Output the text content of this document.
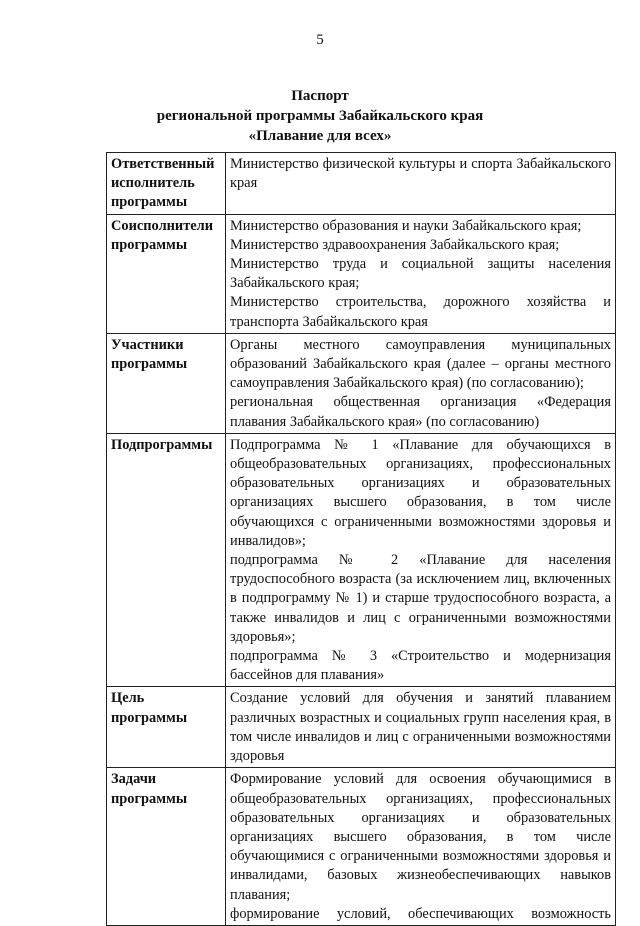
5
Паспорт
региональной программы Забайкальского края
«Плавание для всех»
Ответственный исполнитель программы	Министерство физической культуры и спорта Забайкальского края

Соисполнители программы	Министерство образования и науки Забайкальского края;
Министерство здравоохранения Забайкальского края;
Министерство труда и социальной защиты населения Забайкальского края;
Министерство строительства, дорожного хозяйства и транспорта Забайкальского края

Участники программы	Органы местного самоуправления муниципальных образований Забайкальского края (далее – органы местного самоуправления Забайкальского края) (по согласованию);
региональная общественная организация «Федерация плавания Забайкальского края» (по согласованию)

Подпрограммы	Подпрограмма № 1 «Плавание для обучающихся в общеобразовательных организациях, профессиональных образовательных организациях и образовательных организациях высшего образования, в том числе обучающихся с ограниченными возможностями здоровья и инвалидов»;
подпрограмма № 2 «Плавание для населения трудоспособного возраста (за исключением лиц, включенных в подпрограмму № 1) и старше трудоспособного возраста, а также инвалидов и лиц с ограниченными возможностями здоровья»;
подпрограмма № 3 «Строительство и модернизация бассейнов для плавания»

Цель программы	Создание условий для обучения и занятий плаванием различных возрастных и социальных групп населения края, в том числе инвалидов и лиц с ограниченными возможностями здоровья

Задачи программы	Формирование условий для освоения обучающимися в общеобразовательных организациях, профессиональных образовательных организациях и образовательных организациях высшего образования, в том числе обучающимися с ограниченными возможностями здоровья и инвалидами, базовых жизнеобеспечивающих навыков плавания;
формирование условий, обеспечивающих возможность
